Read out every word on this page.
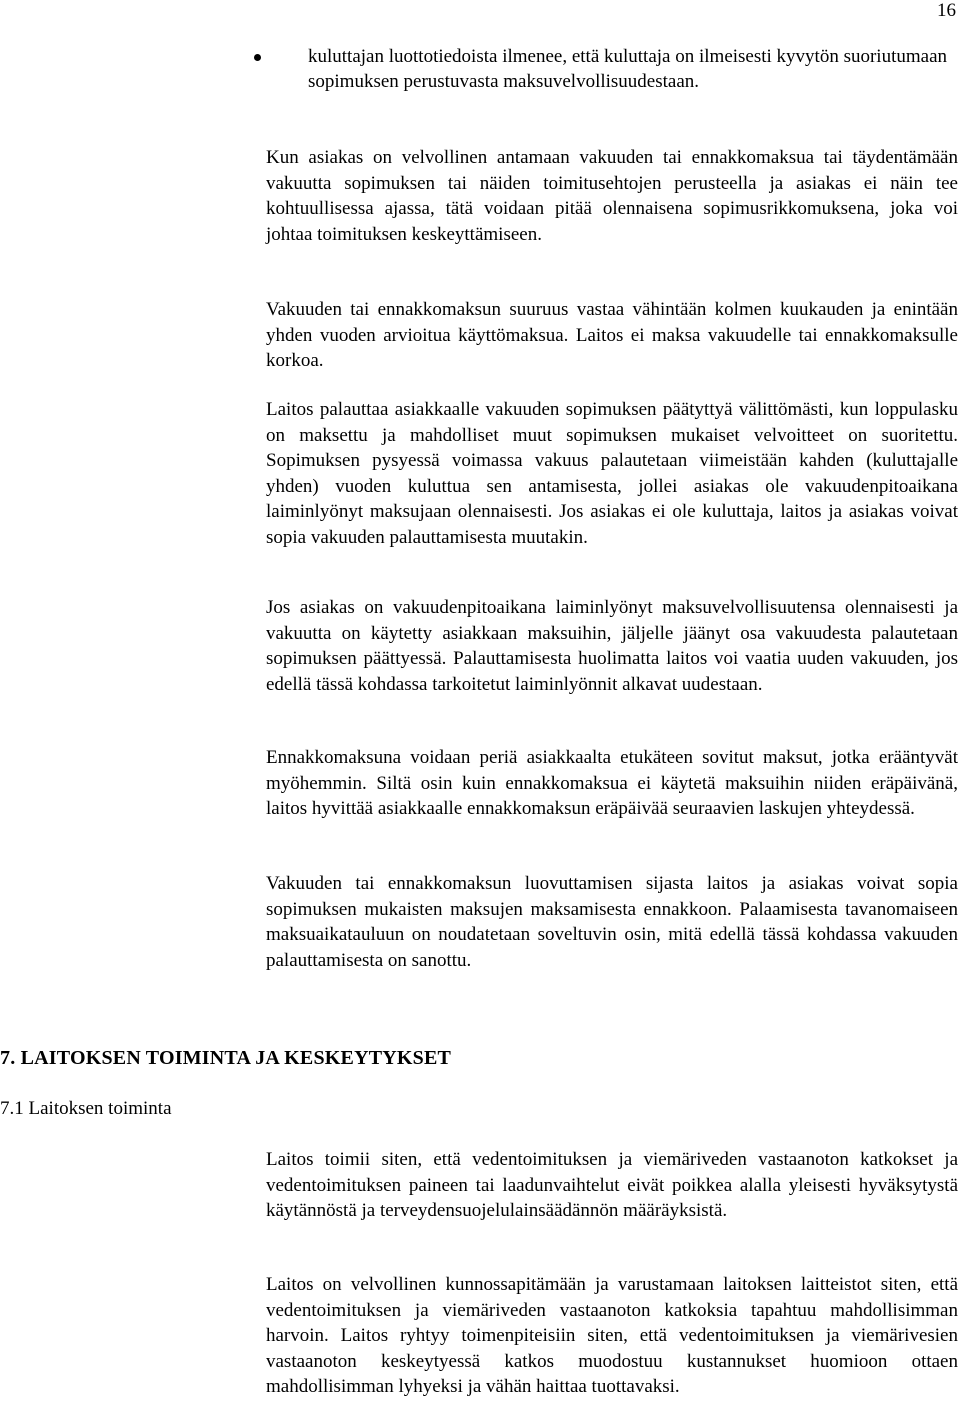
16
kuluttajan luottotiedoista ilmenee, että kuluttaja on ilmeisesti kyvytön suoriutumaan sopimuksen perustuvasta maksuvelvollisuudestaan.
Kun asiakas on velvollinen antamaan vakuuden tai ennakkomaksua tai täydentämään vakuutta sopimuksen tai näiden toimitusehtojen perusteella ja asiakas ei näin tee kohtuullisessa ajassa, tätä voidaan pitää olennaisena sopimusrikkomuksena, joka voi johtaa toimituksen keskeyttämiseen.
Vakuuden tai ennakkomaksun suuruus vastaa vähintään kolmen kuukauden ja enintään yhden vuoden arvioitua käyttömaksua. Laitos ei maksa vakuudelle tai ennakkomaksulle korkoa.
Laitos palauttaa asiakkaalle vakuuden sopimuksen päätyttyä välittömästi, kun loppulasku on maksettu ja mahdolliset muut sopimuksen mukaiset velvoitteet on suoritettu. Sopimuksen pysyessä voimassa vakuus palautetaan viimeistään kahden (kuluttajalle yhden) vuoden kuluttua sen antamisesta, jollei asiakas ole vakuudenpitoaikana laiminlyönyt maksujaan olennaisesti. Jos asiakas ei ole kuluttaja, laitos ja asiakas voivat sopia vakuuden palauttamisesta muutakin.
Jos asiakas on vakuudenpitoaikana laiminlyönyt maksuvelvollisuutensa olennaisesti ja vakuutta on käytetty asiakkaan maksuihin, jäljelle jäänyt osa vakuudesta palautetaan sopimuksen päättyessä. Palauttamisesta huolimatta laitos voi vaatia uuden vakuuden, jos edellä tässä kohdassa tarkoitetut laiminlyönnit alkavat uudestaan.
Ennakkomaksuna voidaan periä asiakkaalta etukäteen sovitut maksut, jotka erääntyvät myöhemmin. Siltä osin kuin ennakkomaksua ei käytetä maksuihin niiden eräpäivänä, laitos hyvittää asiakkaalle ennakkomaksun eräpäivää seuraavien laskujen yhteydessä.
Vakuuden tai ennakkomaksun luovuttamisen sijasta laitos ja asiakas voivat sopia sopimuksen mukaisten maksujen maksamisesta ennakkoon. Palaamisesta tavanomaiseen maksuaikatauluun on noudatetaan soveltuvin osin, mitä edellä tässä kohdassa vakuuden palauttamisesta on sanottu.
7. LAITOKSEN TOIMINTA JA KESKEYTYKSET
7.1 Laitoksen toiminta
Laitos toimii siten, että vedentoimituksen ja viemäriveden vastaanoton katkokset ja vedentoimituksen paineen tai laadunvaihtelut eivät poikkea alalla yleisesti hyväksytystä käytännöstä ja terveydensuojelulainsäädännön määräyksistä.
Laitos on velvollinen kunnossapitämään ja varustamaan laitoksen laitteistot siten, että vedentoimituksen ja viemäriveden vastaanoton katkoksia tapahtuu mahdollisimman harvoin. Laitos ryhtyy toimenpiteisiin siten, että vedentoimituksen ja viemärivesien vastaanoton keskeytyessä katkos muodostuu kustannukset huomioon ottaen mahdollisimman lyhyeksi ja vähän haittaa tuottavaksi.
